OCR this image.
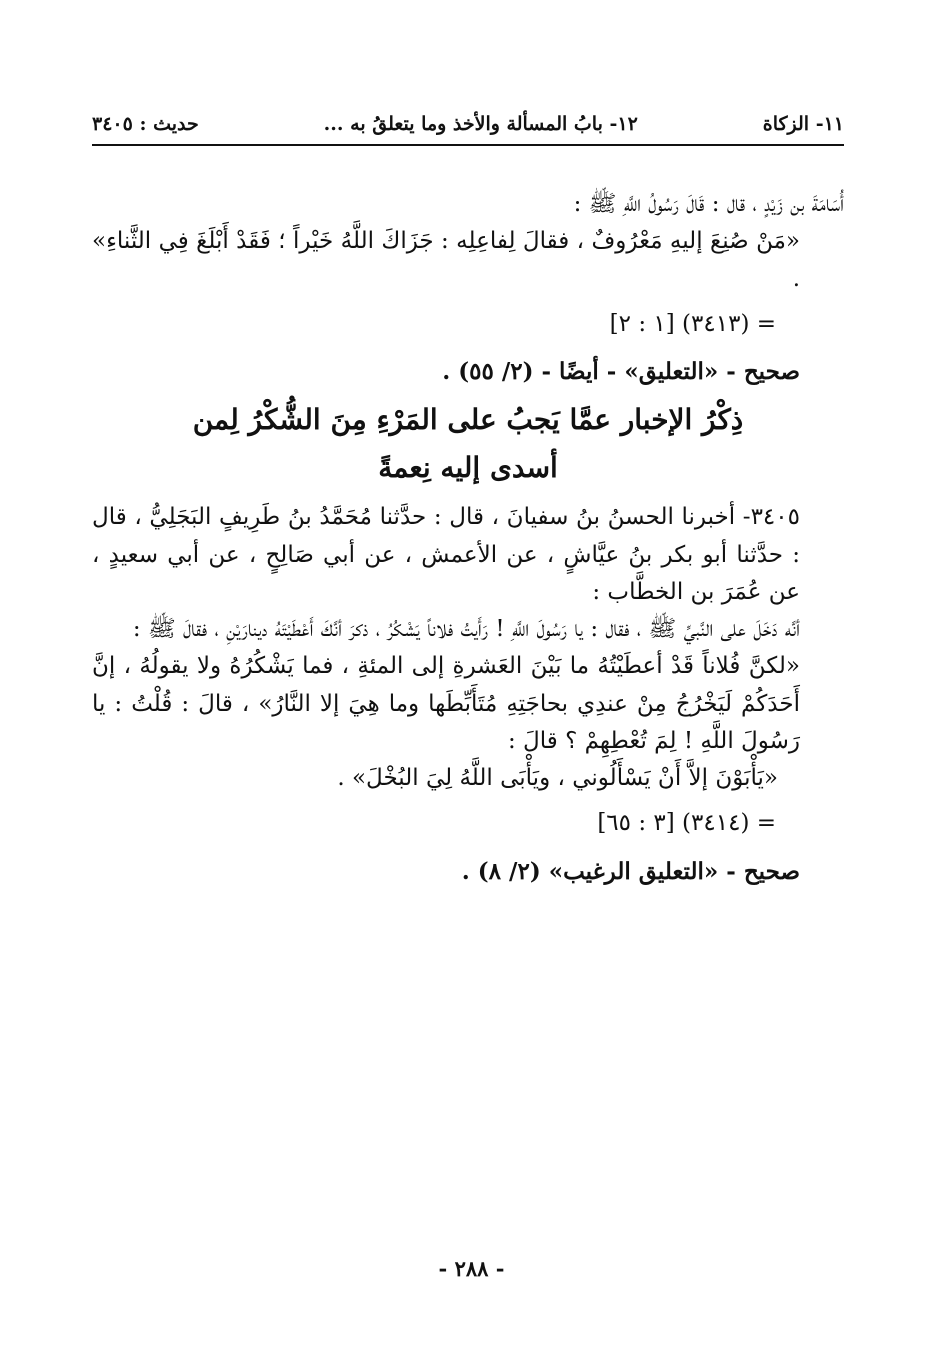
١١- الزكاة
١٢- بابُ المسألة والأخذ وما يتعلقُ به ...
حديث : ٣٤٠٥

أُسَامَةَ بن زَيْدٍ ، قال : قَالَ رَسُولُ اللَّهِ ﷺ :

«مَنْ صُنِعَ إليهِ مَعْرُوفٌ ، فقالَ لِفاعِلِه : جَزَاكَ اللَّهُ خَيْراً ؛ فَقَدْ أَبْلَغَ فِي الثَّناءِ» .

= (٣٤١٣) [١ : ٢]

صحيح - «التعليق» - أيضًا - (٢/ ٥٥) .

ذِكْرُ الإخبار عمَّا يَجبُ على المَرْءِ مِنَ الشُّكْرُ لِمن أسدى إليه نِعمةً

٣٤٠٥- أخبرنا الحسنُ بنُ سفيانَ ، قال : حدَّثنا مُحَمَّدُ بنُ طَرِيفٍ البَجَلِيُّ ، قال : حدَّثنا أبو بكر بنُ عيَّاشٍ ، عن الأعمش ، عن أبي صَالِحٍ ، عن أبي سعيدٍ ، عن عُمَرَ بن الخطَّاب :

أنَّه دَخَلَ على النَّبيِّ ﷺ ، فقال : يا رَسُولَ اللَّهِ ! رَأَيتُ فلاناً يَشْكُرُ ، ذكرَ أنَّكَ أَعْطَيْتَهُ دينارَيْنِ ، فقالَ ﷺ :

«لكنَّ فُلاناً قَدْ أعطَيْتُهُ ما بَيْنَ العَشرةِ إلى المئةِ ، فما يَشْكُرُهُ ولا يقولُهُ ، إنَّ أَحَدَكُمْ لَيَخْرُجُ مِنْ عندِي بحاجَتِهِ مُتَأَبِّطَها وما هِيَ إلا النَّارُ» ، قالَ : قُلْتُ : يا رَسُولَ اللَّهِ ! لِمَ تُعْطِهِمْ ؟ قالَ :

«يَأْبَوْنَ إلاَّ أَنْ يَسْأَلُوني ، ويَأْبَى اللَّهُ لِيَ البُخْلَ» .

= (٣٤١٤) [٣ : ٦٥]

صحيح - «التعليق الرغيب» (٢/ ٨) .

- ٢٨٨ -
